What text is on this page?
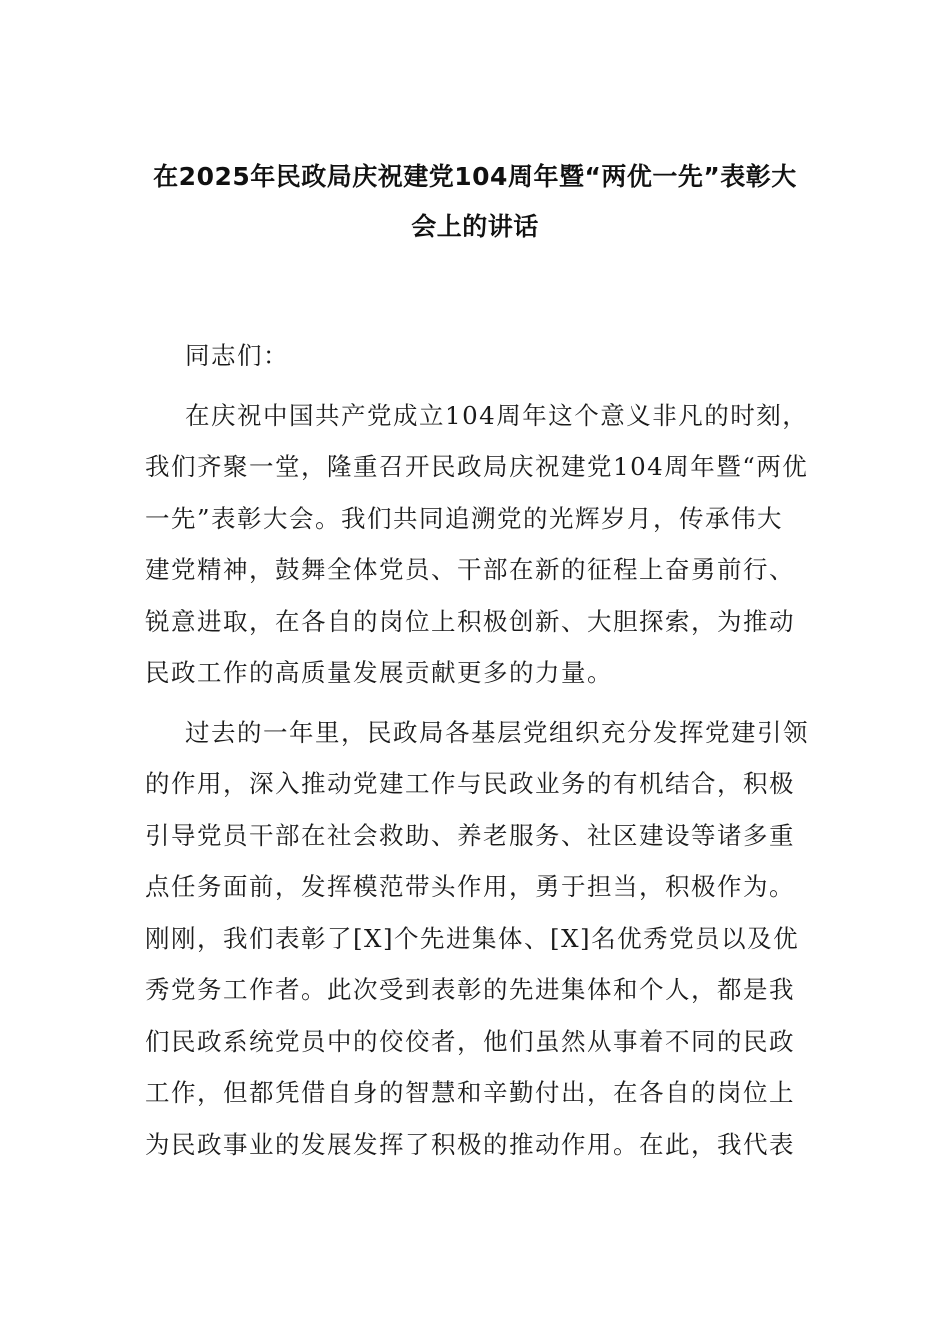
在2025年民政局庆祝建党104周年暨“两优一先”表彰大
会上的讲话
同志们：
在庆祝中国共产党成立104周年这个意义非凡的时刻，
我们齐聚一堂，隆重召开民政局庆祝建党104周年暨“两优
一先”表彰大会。我们共同追溯党的光辉岁月，传承伟大
建党精神，鼓舞全体党员、干部在新的征程上奋勇前行、
锐意进取，在各自的岗位上积极创新、大胆探索，为推动
民政工作的高质量发展贡献更多的力量。
过去的一年里，民政局各基层党组织充分发挥党建引领
的作用，深入推动党建工作与民政业务的有机结合，积极
引导党员干部在社会救助、养老服务、社区建设等诸多重
点任务面前，发挥模范带头作用，勇于担当，积极作为。
刚刚，我们表彰了[X]个先进集体、[X]名优秀党员以及优
秀党务工作者。此次受到表彰的先进集体和个人，都是我
们民政系统党员中的佼佼者，他们虽然从事着不同的民政
工作，但都凭借自身的智慧和辛勤付出，在各自的岗位上
为民政事业的发展发挥了积极的推动作用。在此，我代表
